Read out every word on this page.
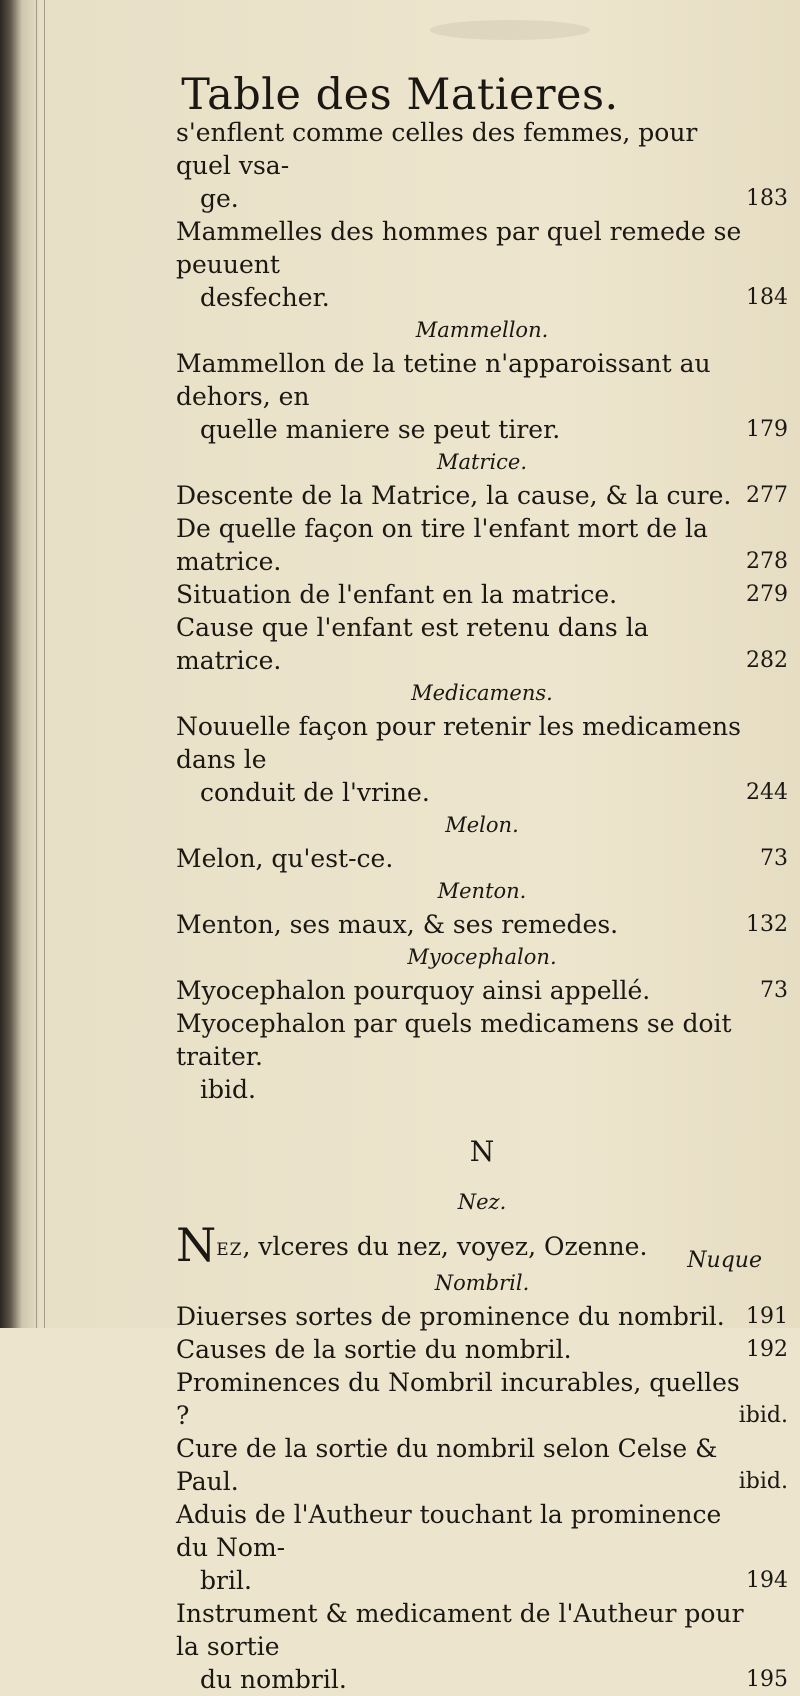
Table des Matieres.
s'enflent comme celles des femmes, pour quel vsa-
ge.	183
Mammelles des hommes par quel remede se peuuent
desfecher.	184
Mammellon.
Mammellon de la tetine n'apparoissant au dehors, en
quelle maniere se peut tirer.	179
Matrice.
Descente de la Matrice, la cause, & la cure. 277
De quelle façon on tire l'enfant mort de la matrice.	278
Situation de l'enfant en la matrice.	279
Cause que l'enfant est retenu dans la matrice.	282
Medicamens.
Nouuelle façon pour retenir les medicamens dans le
conduit de l'vrine.	244
Melon.
Melon, qu'est-ce.	73
Menton.
Menton, ses maux, & ses remedes.	132
Myocephalon.
Myocephalon pourquoy ainsi appellé.	73
Myocephalon par quels medicamens se doit traiter.
ibid.
N
Nez.
NEZ, vlceres du nez, voyez, Ozenne.
Nombril.
Diuerses sortes de prominence du nombril. 191
Causes de la sortie du nombril.	192
Prominences du Nombril incurables, quelles ?	ibid.
Cure de la sortie du nombril selon Celse & Paul.	ibid.
Aduis de l'Autheur touchant la prominence du Nom-
bril.	194
Instrument & medicament de l'Autheur pour la sortie
du nombril.	195
Nuque
